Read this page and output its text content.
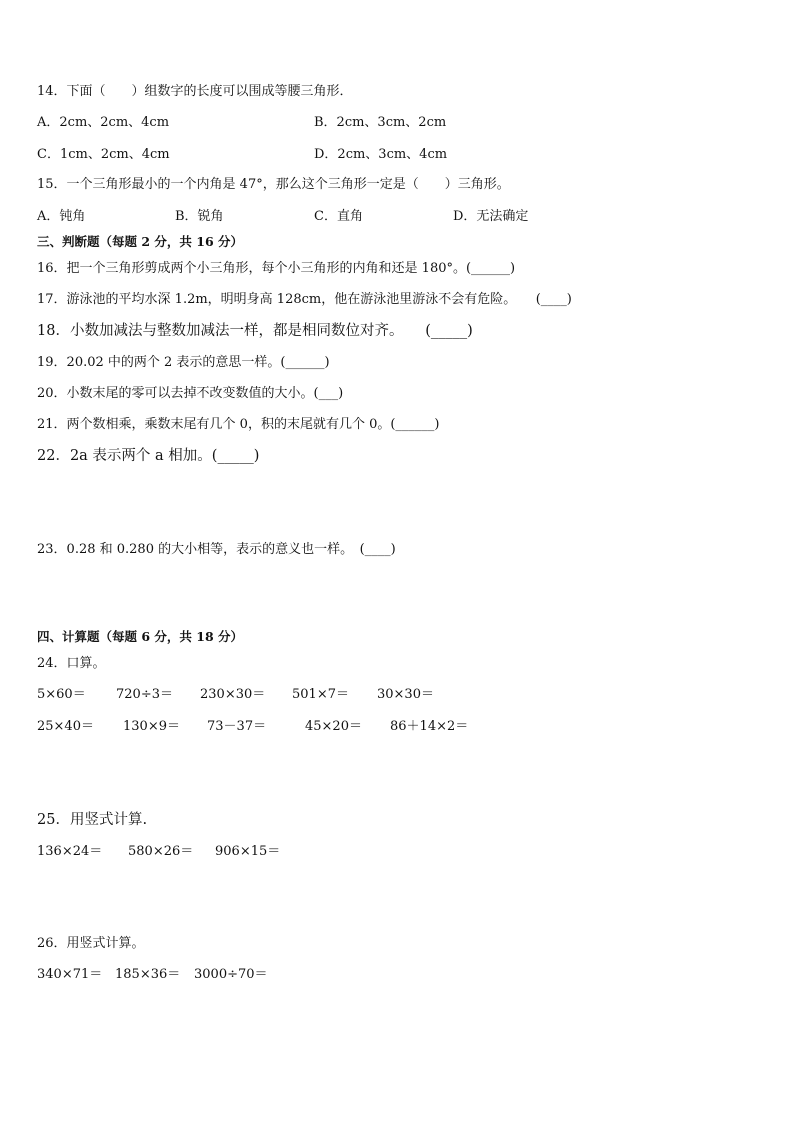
14．下面（　　）组数字的长度可以围成等腰三角形．
A．2cm、2cm、4cm	B．2cm、3cm、2cm
C．1cm、2cm、4cm	D．2cm、3cm、4cm
15．一个三角形最小的一个内角是 47°，那么这个三角形一定是（　　）三角形。
A．钝角	B．锐角	C．直角	D．无法确定
三、判断题（每题 2 分，共 16 分）
16．把一个三角形剪成两个小三角形，每个小三角形的内角和还是 180°。(______)
17．游泳池的平均水深 1.2m，明明身高 128cm，他在游泳池里游泳不会有危险。　　(____)
18．小数加减法与整数加减法一样，都是相同数位对齐。　　(_____)
19．20.02 中的两个 2 表示的意思一样。(______)
20．小数末尾的零可以去掉不改变数值的大小。(___)
21．两个数相乘，乘数末尾有几个 0，积的末尾就有几个 0。(______)
22．2a 表示两个 a 相加。(_____)
23．0.28 和 0.280 的大小相等，表示的意义也一样。　(____)
四、计算题（每题 6 分，共 18 分）
24．口算。
5×60＝ 720÷3＝ 230×30＝ 501×7＝ 30×30＝
25×40＝ 130×9＝ 73－37＝	45×20＝ 86＋14×2＝
25．用竖式计算.
136×24＝ 580×26＝ 906×15＝
26．用竖式计算。
340×71＝ 185×36＝ 3000÷70＝
